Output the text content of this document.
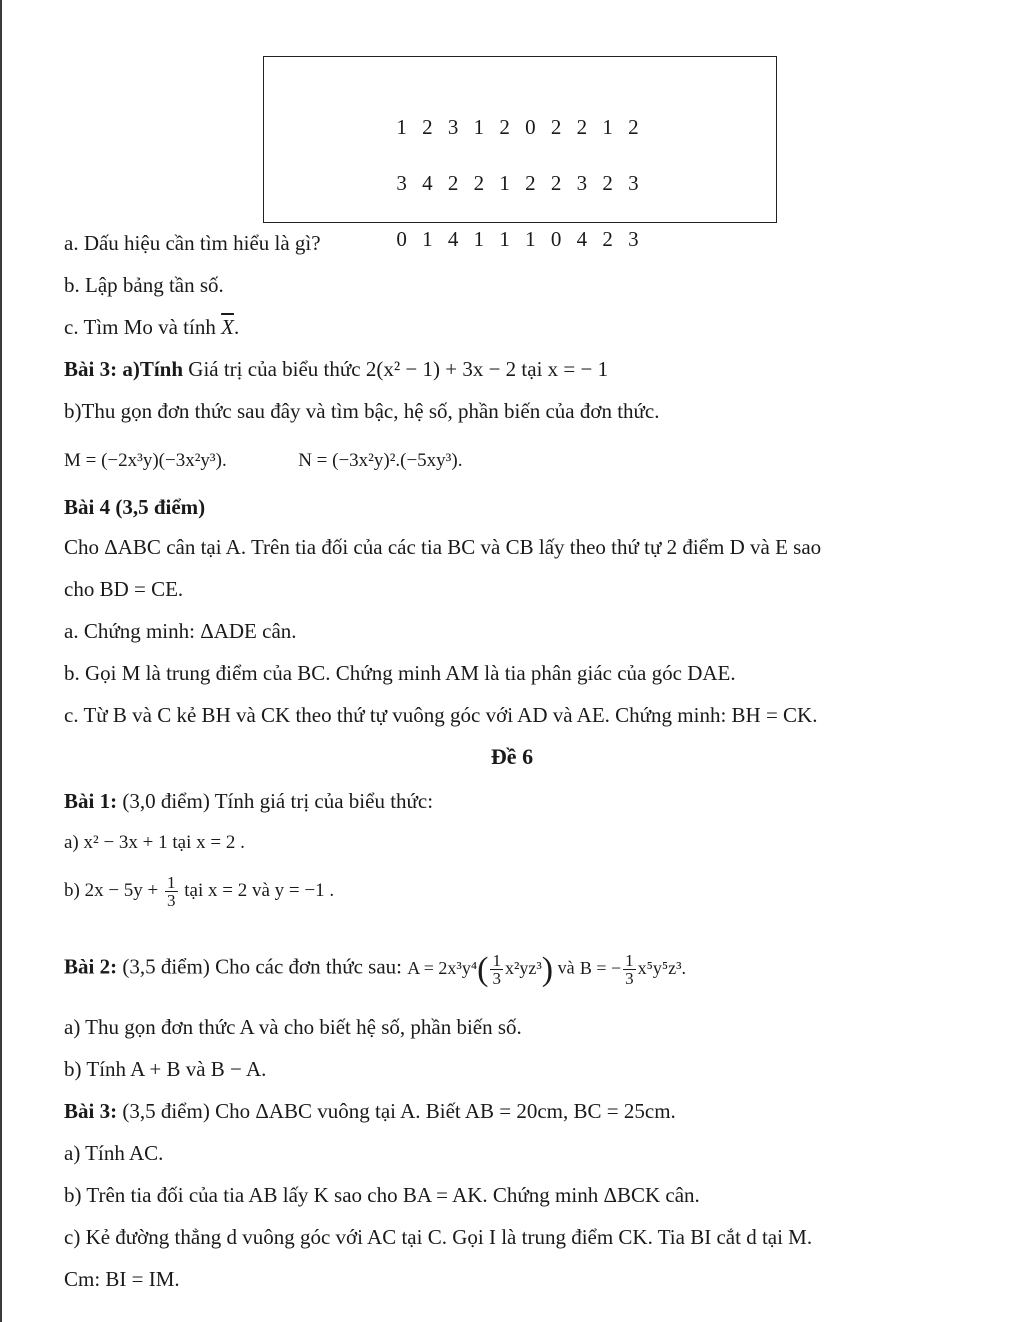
1 2 3 1 2 0 2 2 1 2
3 4 2 2 1 2 2 3 2 3
0 1 4 1 1 1 0 4 2 3
a. Dấu hiệu cần tìm hiểu là gì?
b. Lập bảng tần số.
c. Tìm Mo và tính $\overline{X}$.
Bài 3: a)Tính Giá trị của biểu thức 2(x² − 1) + 3x − 2 tại x = − 1
b)Thu gọn đơn thức sau đây và tìm bậc, hệ số, phần biến của đơn thức.
M = (−2x³y)(−3x²y³).	N = (−3x²y)².(−5xy³).
Bài 4 (3,5 điểm)
Cho ΔABC cân tại A. Trên tia đối của các tia BC và CB lấy theo thứ tự 2 điểm D và E sao
cho BD = CE.
a. Chứng minh: ΔADE cân.
b. Gọi M là trung điểm của BC. Chứng minh AM là tia phân giác của góc DAE.
c. Từ B và C kẻ BH và CK theo thứ tự vuông góc với AD và AE. Chứng minh: BH = CK.
Đề 6
Bài 1: (3,0 điểm) Tính giá trị của biểu thức:
a) x² − 3x + 1 tại x = 2 .
b) $2x - 5y + \frac{1}{3}$ tại x = 2 và y = −1 .
Bài 2: (3,5 điểm) Cho các đơn thức sau: $A = 2x^3y^4( \frac{1}{3} x^2yz^3)$ và B = − $\frac{1}{3} x^5y^5z^3$.
a) Thu gọn đơn thức A và cho biết hệ số, phần biến số.
b) Tính A + B và B − A.
Bài 3: (3,5 điểm) Cho ΔABC vuông tại A. Biết AB = 20cm, BC = 25cm.
a) Tính AC.
b) Trên tia đối của tia AB lấy K sao cho BA = AK. Chứng minh ΔBCK cân.
c) Kẻ đường thẳng d vuông góc với AC tại C. Gọi I là trung điểm CK. Tia BI cắt d tại M.
Cm: BI = IM.
